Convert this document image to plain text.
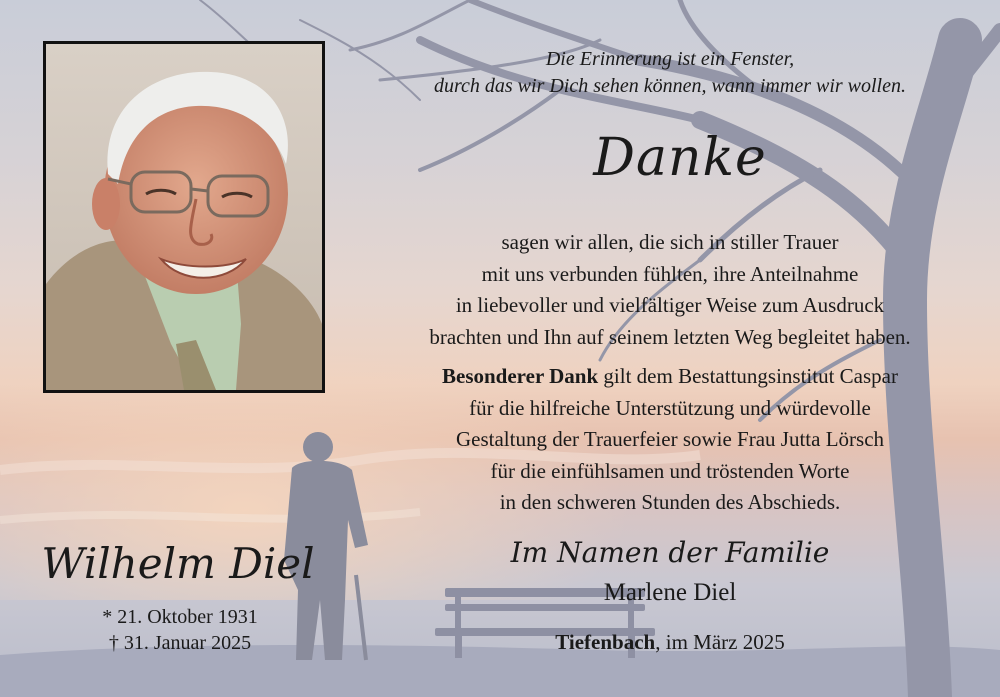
Die Erinnerung ist ein Fenster,
durch das wir Dich sehen können, wann immer wir wollen.

Danke

sagen wir allen, die sich in stiller Trauer
mit uns verbunden fühlten, ihre Anteilnahme
in liebevoller und vielfältiger Weise zum Ausdruck
brachten und Ihn auf seinem letzten Weg begleitet haben.

Besonderer Dank gilt dem Bestattungsinstitut Caspar
für die hilfreiche Unterstützung und würdevolle
Gestaltung der Trauerfeier sowie Frau Jutta Lörsch
für die einfühlsamen und tröstenden Worte
in den schweren Stunden des Abschieds.

Wilhelm Diel
* 21. Oktober 1931
† 31. Januar 2025

Im Namen der Familie

Marlene Diel
Tiefenbach, im März 2025
